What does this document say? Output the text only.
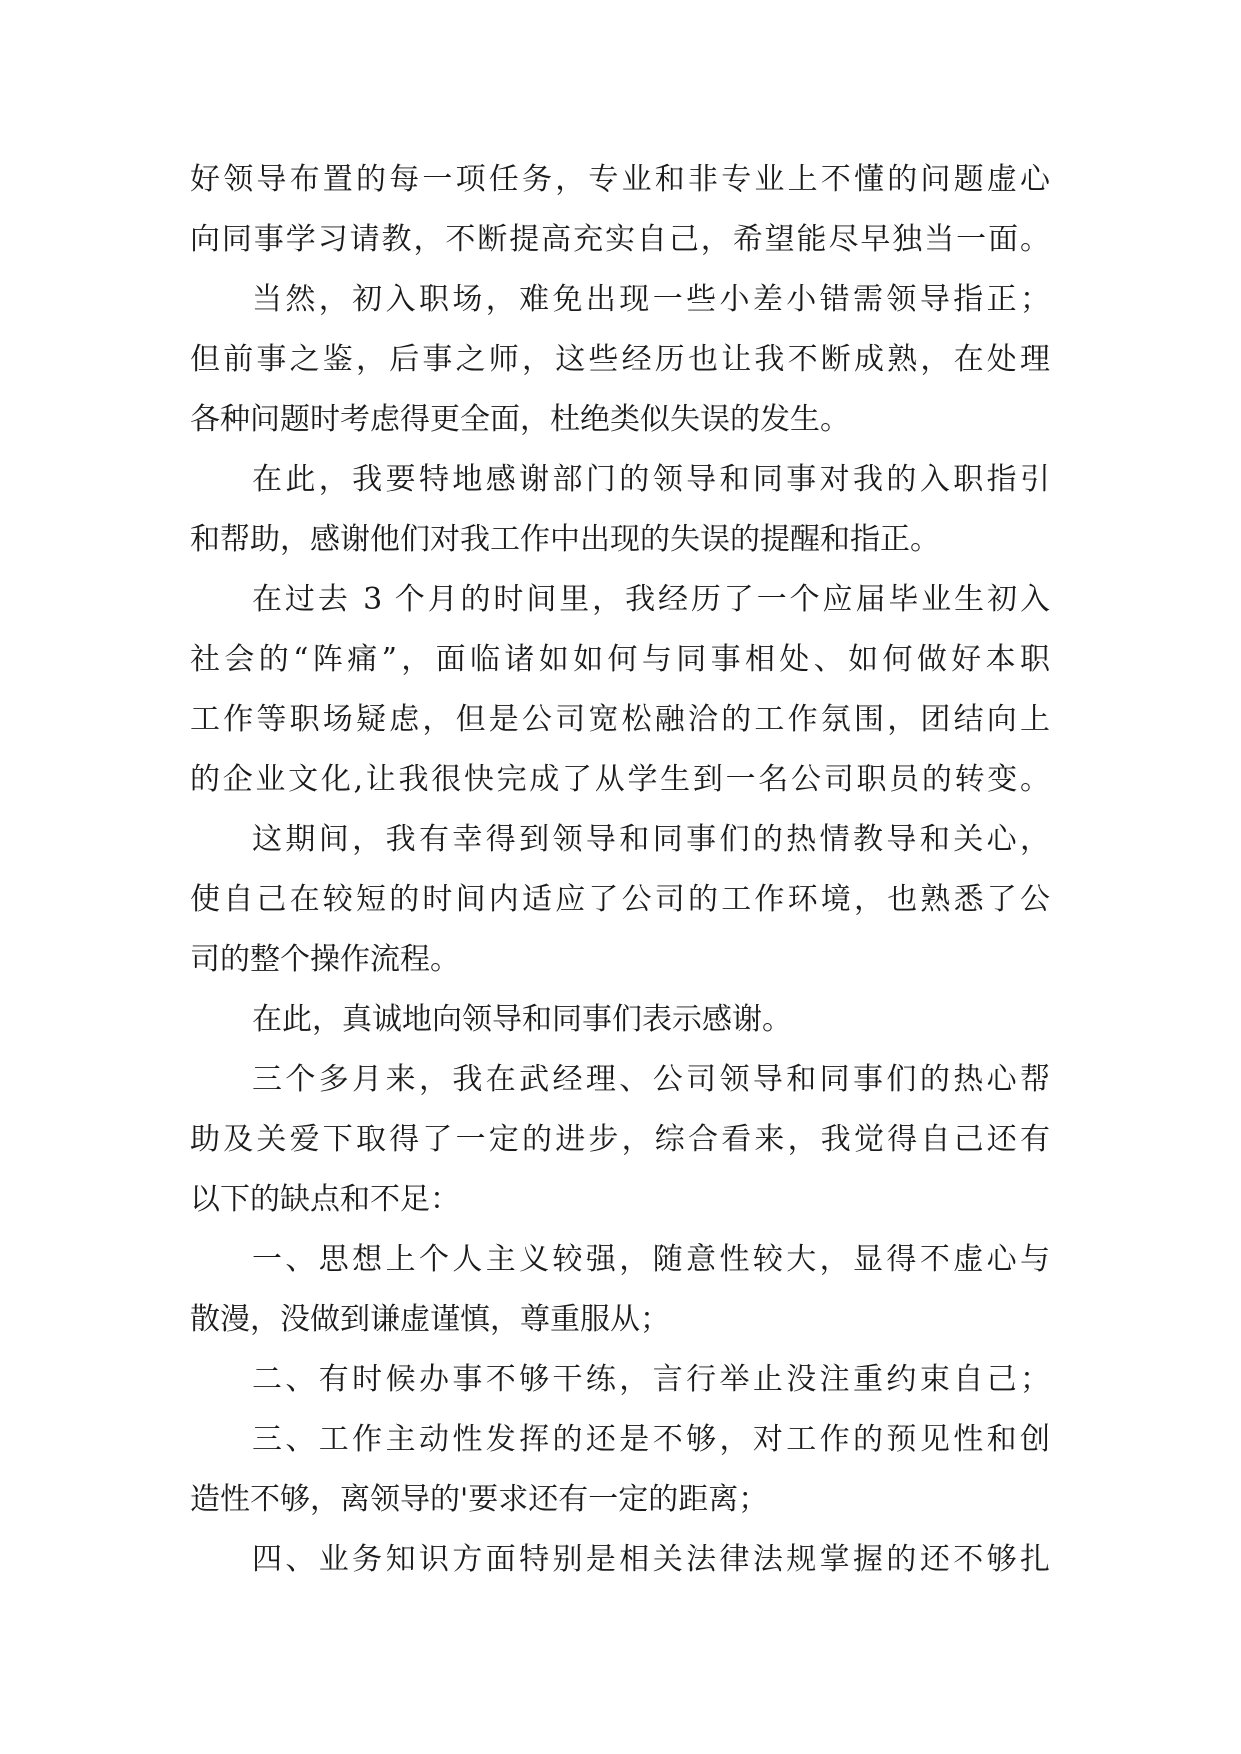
好领导布置的每一项任务，专业和非专业上不懂的问题虚心
向同事学习请教，不断提高充实自己，希望能尽早独当一面。
当然，初入职场，难免出现一些小差小错需领导指正；
但前事之鉴，后事之师，这些经历也让我不断成熟，在处理
各种问题时考虑得更全面，杜绝类似失误的发生。
在此，我要特地感谢部门的领导和同事对我的入职指引
和帮助，感谢他们对我工作中出现的失误的提醒和指正。
在过去 3 个月的时间里，我经历了一个应届毕业生初入
社会的“阵痛”，面临诸如如何与同事相处、如何做好本职
工作等职场疑虑，但是公司宽松融洽的工作氛围，团结向上
的企业文化,让我很快完成了从学生到一名公司职员的转变。
这期间，我有幸得到领导和同事们的热情教导和关心，
使自己在较短的时间内适应了公司的工作环境，也熟悉了公
司的整个操作流程。
在此，真诚地向领导和同事们表示感谢。
三个多月来，我在武经理、公司领导和同事们的热心帮
助及关爱下取得了一定的进步，综合看来，我觉得自己还有
以下的缺点和不足：
一、思想上个人主义较强，随意性较大，显得不虚心与
散漫，没做到谦虚谨慎，尊重服从；
二、有时候办事不够干练，言行举止没注重约束自己；
三、工作主动性发挥的还是不够，对工作的预见性和创
造性不够，离领导的'要求还有一定的距离；
四、业务知识方面特别是相关法律法规掌握的还不够扎
